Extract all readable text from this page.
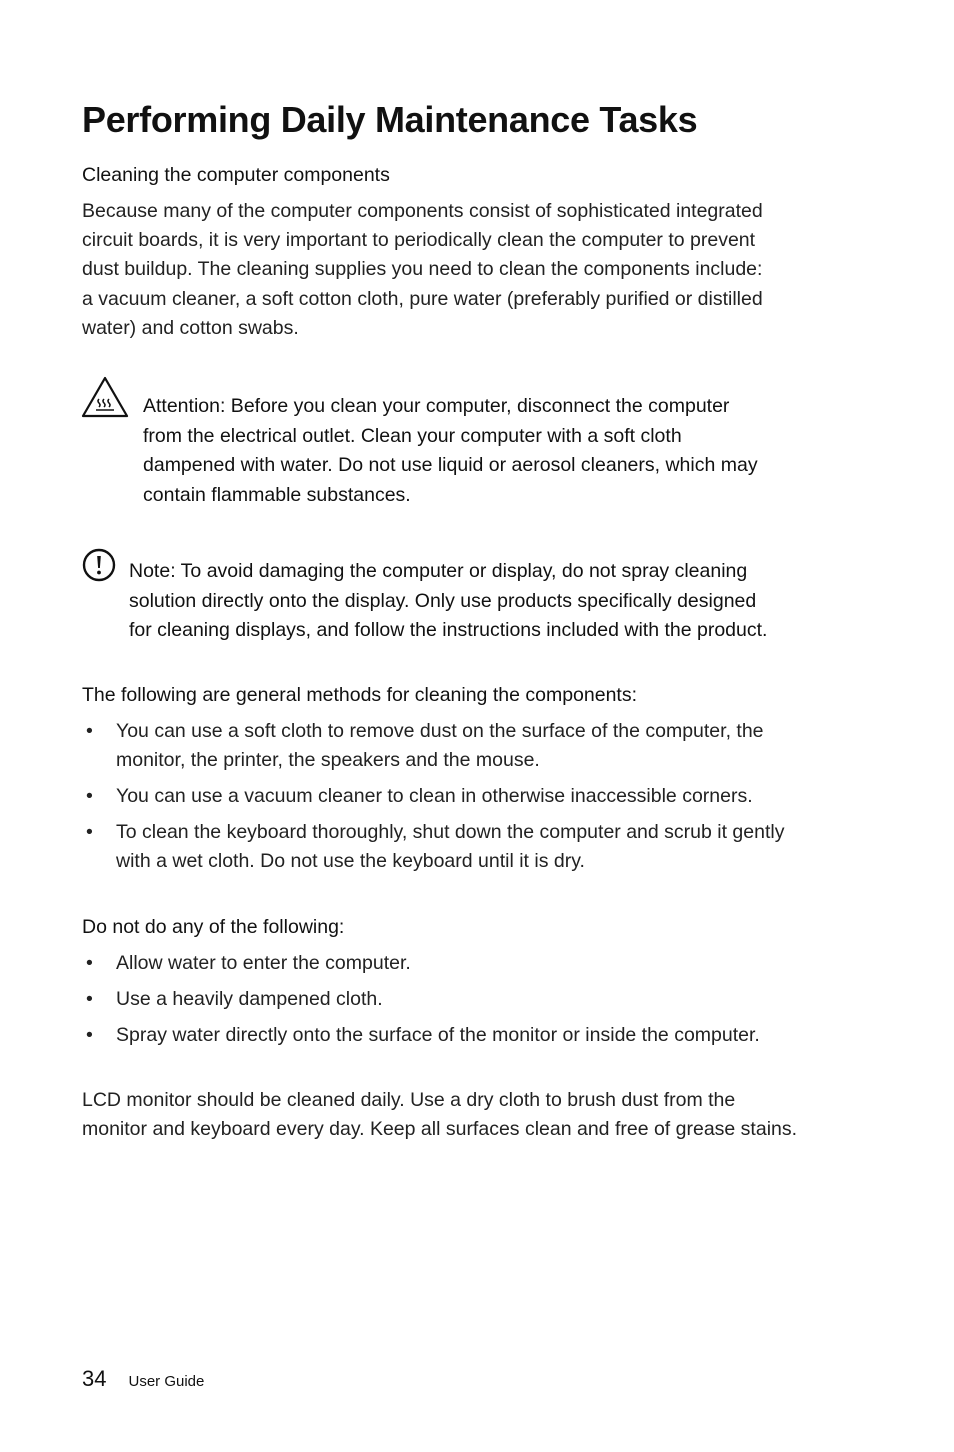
Performing Daily Maintenance Tasks

Cleaning the computer components

Because many of the computer components consist of sophisticated integrated
circuit boards, it is very important to periodically clean the computer to prevent
dust buildup. The cleaning supplies you need to clean the components include:
a vacuum cleaner, a soft cotton cloth, pure water (preferably purified or distilled
water) and cotton swabs.

Attention: Before you clean your computer, disconnect the computer
from the electrical outlet. Clean your computer with a soft cloth
dampened with water. Do not use liquid or aerosol cleaners, which may
contain flammable substances.

Note: To avoid damaging the computer or display, do not spray cleaning
solution directly onto the display. Only use products specifically designed
for cleaning displays, and follow the instructions included with the product.

The following are general methods for cleaning the components:

• You can use a soft cloth to remove dust on the surface of the computer, the
monitor, the printer, the speakers and the mouse.
• You can use a vacuum cleaner to clean in otherwise inaccessible corners.
• To clean the keyboard thoroughly, shut down the computer and scrub it gently
with a wet cloth. Do not use the keyboard until it is dry.

Do not do any of the following:

• Allow water to enter the computer.
• Use a heavily dampened cloth.
• Spray water directly onto the surface of the monitor or inside the computer.

LCD monitor should be cleaned daily. Use a dry cloth to brush dust from the
monitor and keyboard every day. Keep all surfaces clean and free of grease stains.

34 User Guide
